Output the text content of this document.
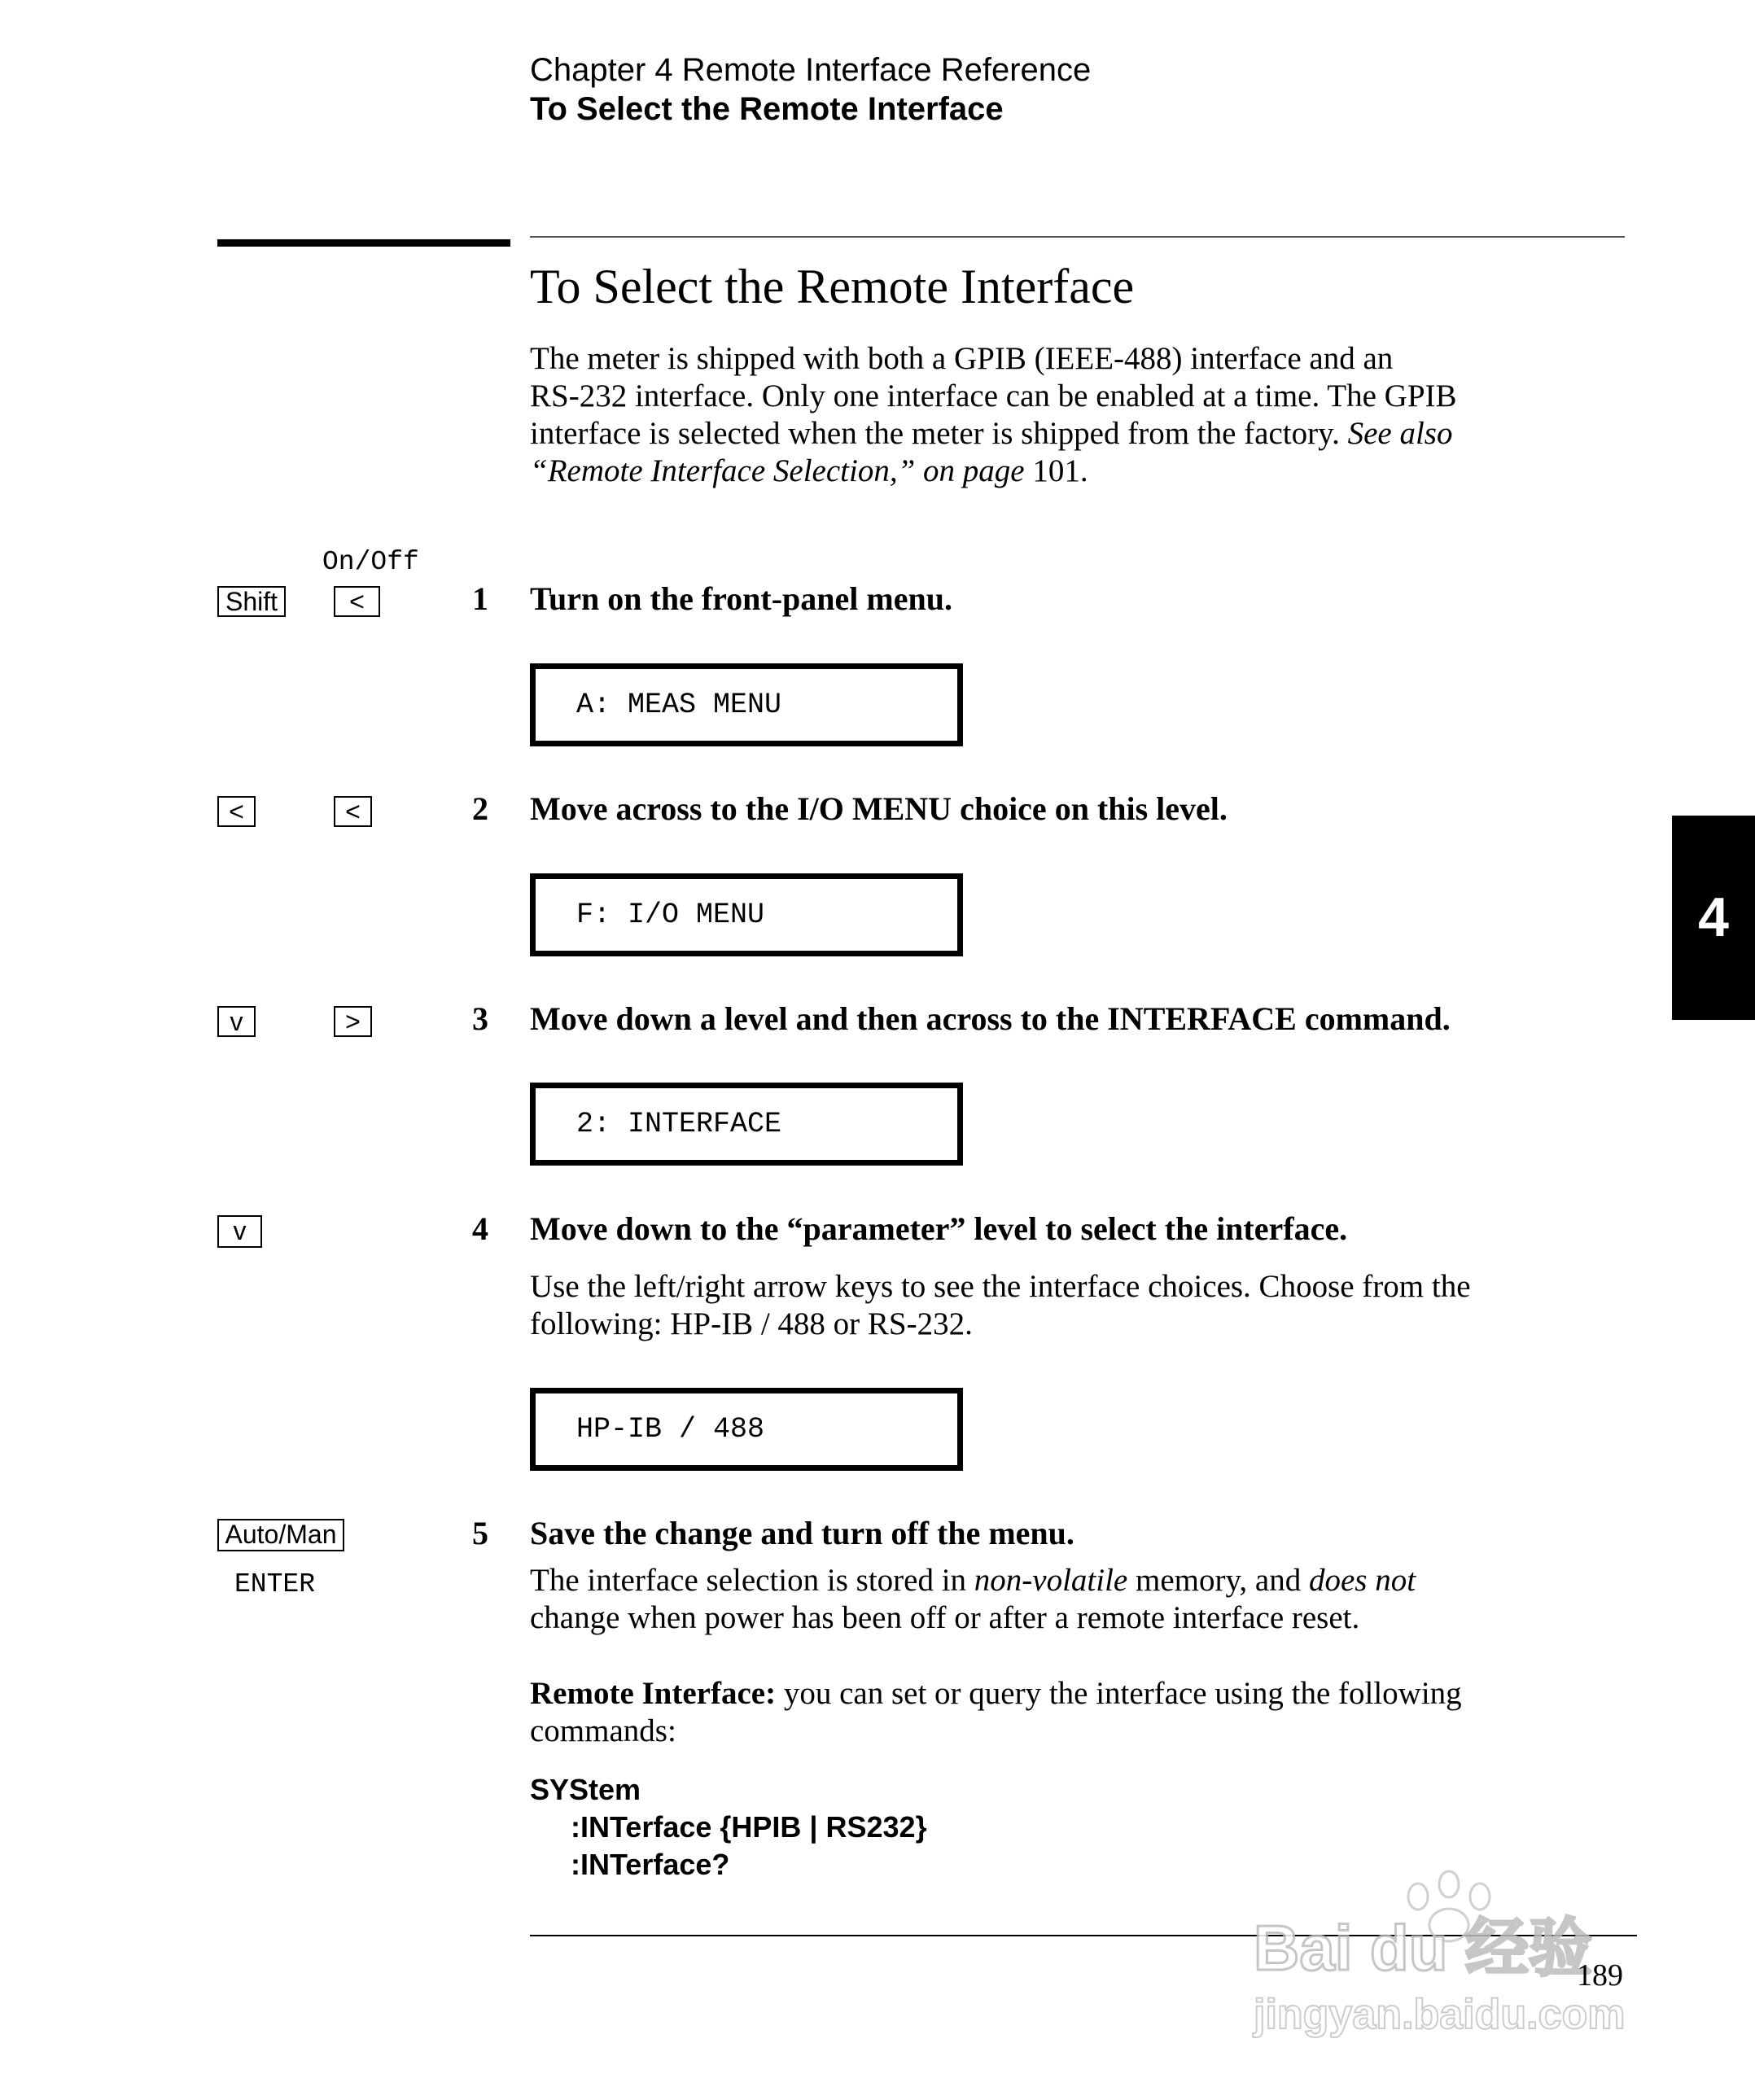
Chapter 4 Remote Interface Reference
To Select the Remote Interface
To Select the Remote Interface
The meter is shipped with both a GPIB (IEEE-488) interface and an
RS-232 interface. Only one interface can be enabled at a time. The GPIB
interface is selected when the meter is shipped from the factory. See also
“Remote Interface Selection,” on page 101.
On/Off
Shift	<	1 Turn on the front-panel menu.
A: MEAS MENU
<	<	2 Move across to the I/O MENU choice on this level.
F: I/O MENU
v	>	3 Move down a level and then across to the INTERFACE command.
2: INTERFACE
v	4 Move down to the “parameter” level to select the interface.
Use the left/right arrow keys to see the interface choices. Choose from the
following: HP-IB / 488 or RS-232.
HP-IB / 488
Auto/Man
ENTER
5 Save the change and turn off the menu.
The interface selection is stored in non-volatile memory, and does not
change when power has been off or after a remote interface reset.
Remote Interface: you can set or query the interface using the following
commands:
SYStem
:INTerface {HPIB | RS232}
:INTerface?
4
Bai du 经验
jingyan.baidu.com
189
